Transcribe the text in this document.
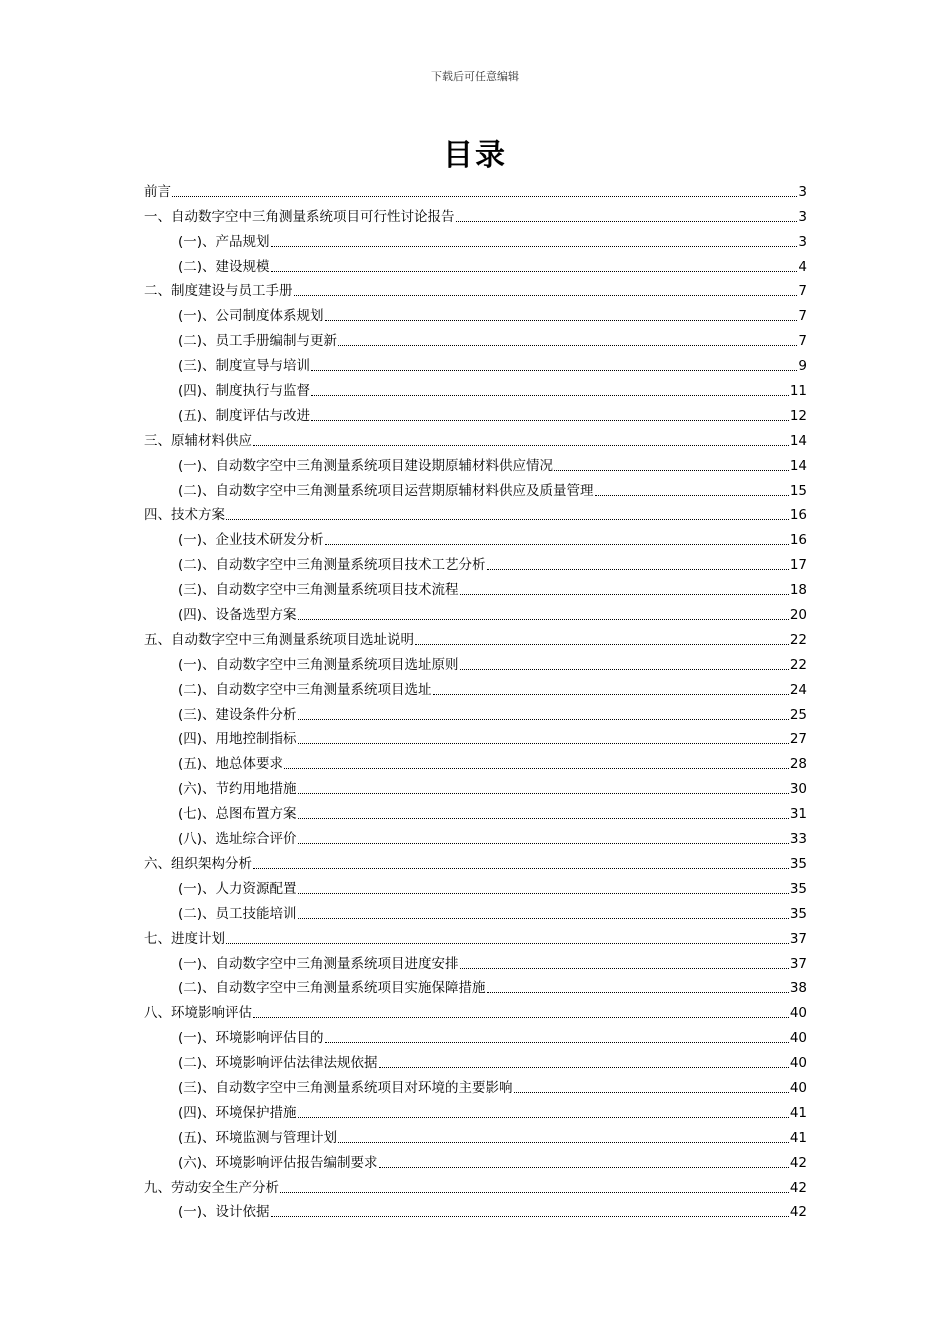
下载后可任意编辑
目录
前言	3
一、自动数字空中三角测量系统项目可行性讨论报告	3
(一)、产品规划	3
(二)、建设规模	4
二、制度建设与员工手册	7
(一)、公司制度体系规划	7
(二)、员工手册编制与更新	7
(三)、制度宣导与培训	9
(四)、制度执行与监督	11
(五)、制度评估与改进	12
三、原辅材料供应	14
(一)、自动数字空中三角测量系统项目建设期原辅材料供应情况	14
(二)、自动数字空中三角测量系统项目运营期原辅材料供应及质量管理	15
四、技术方案	16
(一)、企业技术研发分析	16
(二)、自动数字空中三角测量系统项目技术工艺分析	17
(三)、自动数字空中三角测量系统项目技术流程	18
(四)、设备选型方案	20
五、自动数字空中三角测量系统项目选址说明	22
(一)、自动数字空中三角测量系统项目选址原则	22
(二)、自动数字空中三角测量系统项目选址	24
(三)、建设条件分析	25
(四)、用地控制指标	27
(五)、地总体要求	28
(六)、节约用地措施	30
(七)、总图布置方案	31
(八)、选址综合评价	33
六、组织架构分析	35
(一)、人力资源配置	35
(二)、员工技能培训	35
七、进度计划	37
(一)、自动数字空中三角测量系统项目进度安排	37
(二)、自动数字空中三角测量系统项目实施保障措施	38
八、环境影响评估	40
(一)、环境影响评估目的	40
(二)、环境影响评估法律法规依据	40
(三)、自动数字空中三角测量系统项目对环境的主要影响	40
(四)、环境保护措施	41
(五)、环境监测与管理计划	41
(六)、环境影响评估报告编制要求	42
九、劳动安全生产分析	42
(一)、设计依据	42
